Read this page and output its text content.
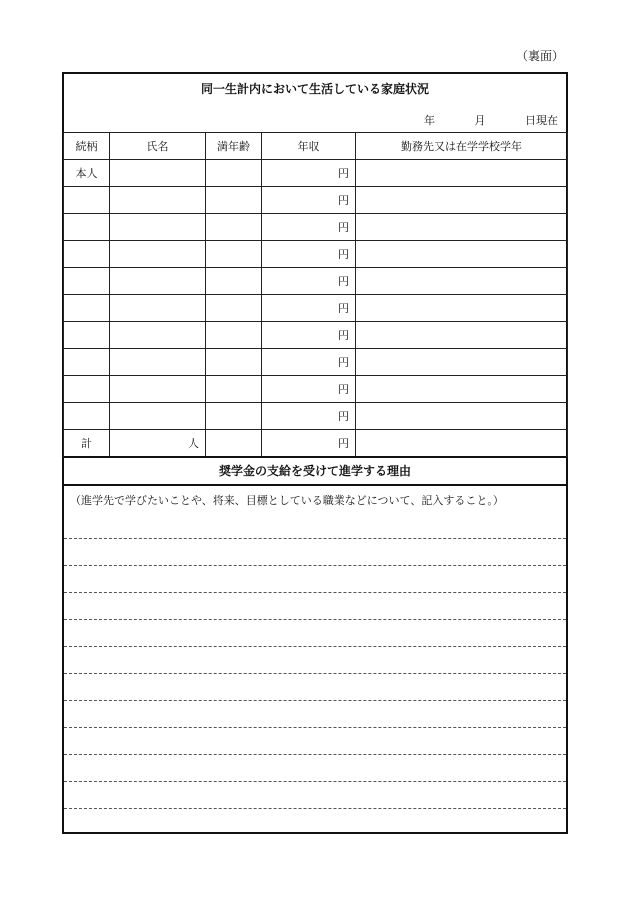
（裏面）
同一生計内において生活している家庭状況
年	月	日現在
続柄	氏名	満年齢	年収	勤務先又は在学学校学年
本人			円	
			円	
			円	
			円	
			円	
			円	
			円	
			円	
			円	
			円	
計	人		円	
奨学金の支給を受けて進学する理由
（進学先で学びたいことや、将来、目標としている職業などについて、記入すること。）
